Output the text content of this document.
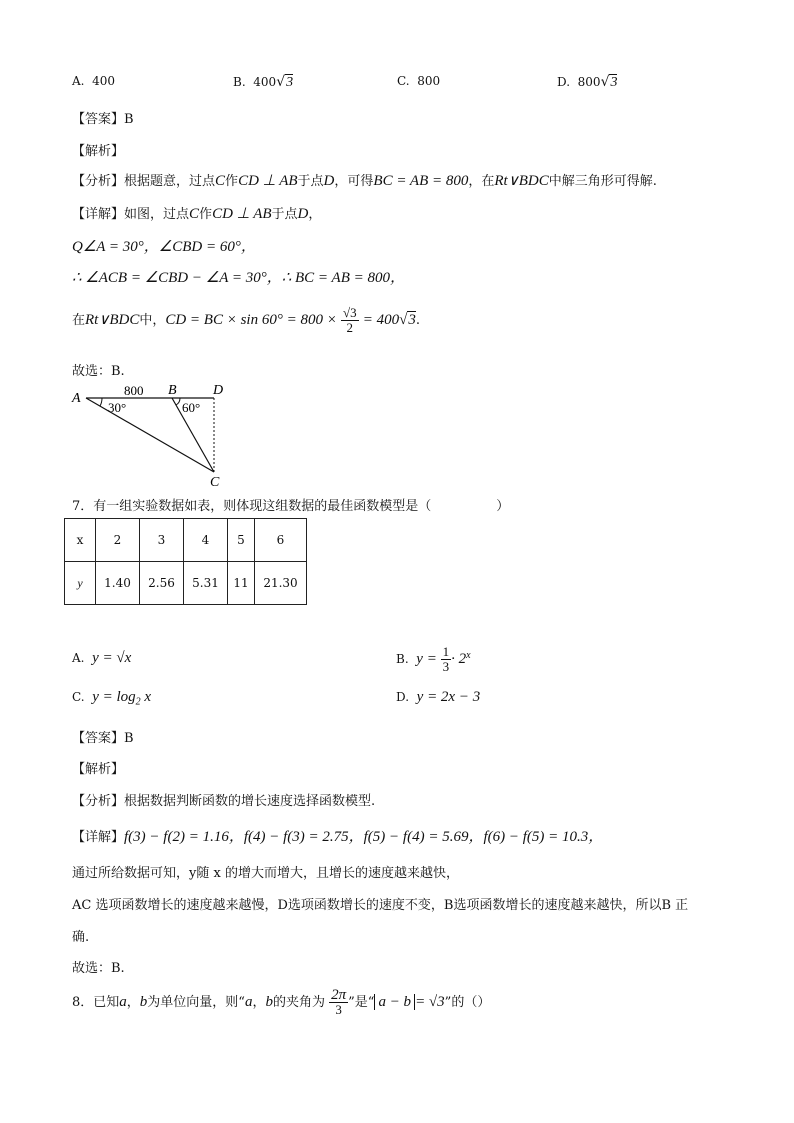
A. 400	B. 400√3	C. 800	D. 800√3
【答案】B
【解析】
【分析】根据题意，过点C作CD ⊥ AB于点D，可得BC = AB = 800，在Rt∨BDC中解三角形可得解.
【详解】如图，过点C作CD ⊥ AB于点D，
Q∠A = 30°，∠CBD = 60°，
∴ ∠ACB = ∠CBD − ∠A = 30°，∴ BC = AB = 800，
在Rt∨BDC中，CD = BC × $\sin 60^\circ = 800 \times \frac{√3}{2} = 400√3$.
故选：B.
A
B
C
D
800
30°	60°
7．有一组实验数据如表，则体现这组数据的最佳函数模型是（　　　　　）
x	2	3	4	5	6
y	1.40	2.56	5.31	11	21.30
A. y = √x	B. $y = \frac{1}{3} \cdot 2^x$
C. $y = \log_2 x$	D. y = 2x − 3
【答案】B
【解析】
【分析】根据数据判断函数的增长速度选择函数模型.
【详解】f(3) − f(2) = 1.16，f(4) − f(3) = 2.75，f(5) − f(4) = 5.69，f(6) − f(5) = 10.3，
通过所给数据可知，y随 x 的增大而增大，且增长的速度越来越快，
AC 选项函数增长的速度越来越慢，D选项函数增长的速度不变，B选项函数增长的速度越来越快，所以B 正
确.
故选：B.
8．已知a，b为单位向量，则“a，b的夹角为 $\frac{2\pi}{3}$ ”是“ a − b = √3”的（）
